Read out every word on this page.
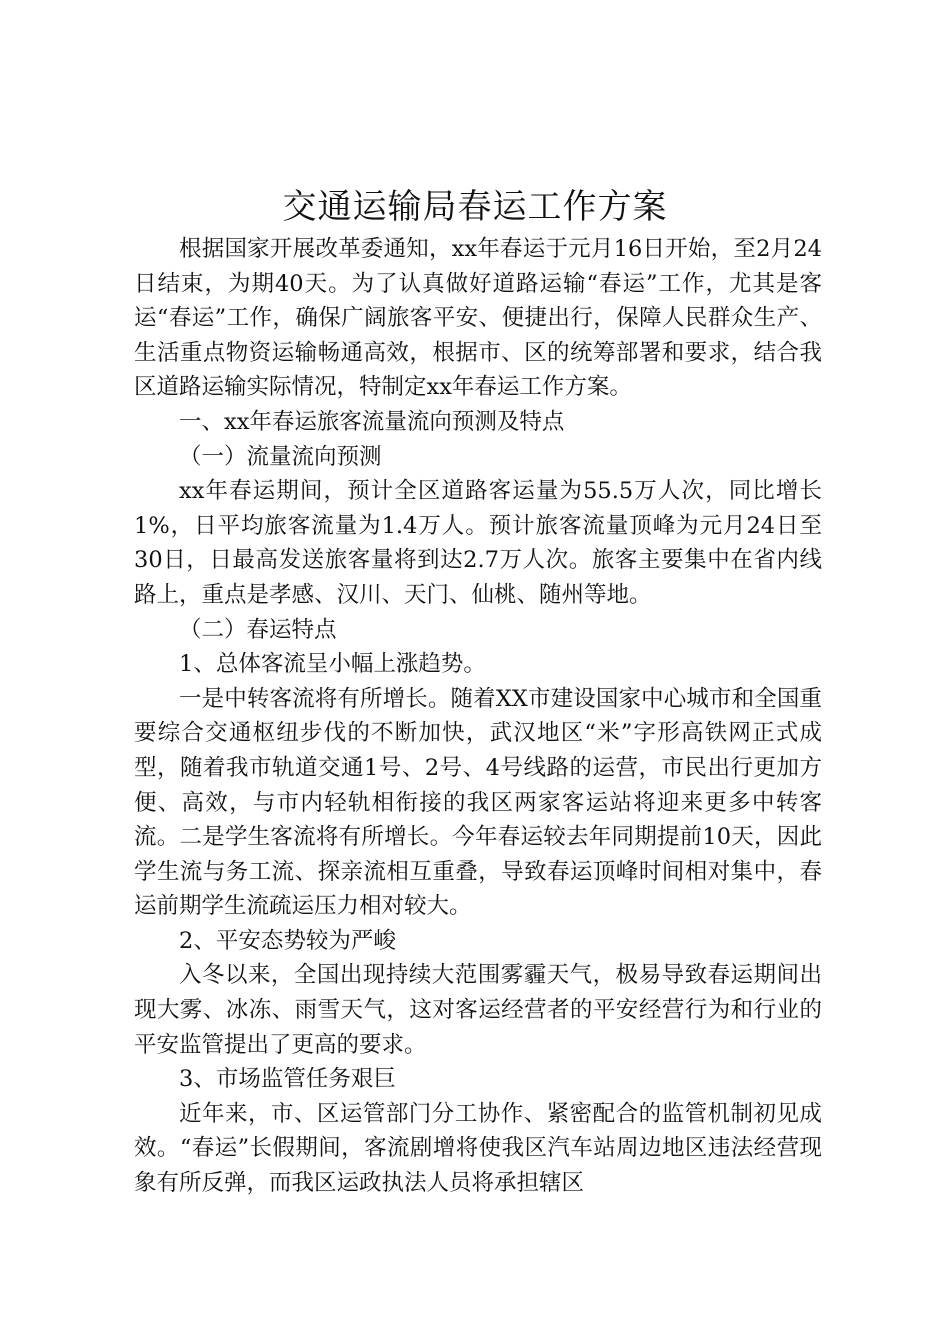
交通运输局春运工作方案

根据国家开展改革委通知，xx年春运于元月16日开始，至2月24日结束，为期40天。为了认真做好道路运输“春运”工作，尤其是客运“春运”工作，确保广阔旅客平安、便捷出行，保障人民群众生产、生活重点物资运输畅通高效，根据市、区的统筹部署和要求，结合我区道路运输实际情况，特制定xx年春运工作方案。

一、xx年春运旅客流量流向预测及特点

（一）流量流向预测

xx年春运期间，预计全区道路客运量为55.5万人次，同比增长1%，日平均旅客流量为1.4万人。预计旅客流量顶峰为元月24日至30日，日最高发送旅客量将到达2.7万人次。旅客主要集中在省内线路上，重点是孝感、汉川、天门、仙桃、随州等地。

（二）春运特点

1、总体客流呈小幅上涨趋势。

一是中转客流将有所增长。随着XX市建设国家中心城市和全国重要综合交通枢纽步伐的不断加快，武汉地区“米”字形高铁网正式成型，随着我市轨道交通1号、2号、4号线路的运营，市民出行更加方便、高效，与市内轻轨相衔接的我区两家客运站将迎来更多中转客流。二是学生客流将有所增长。今年春运较去年同期提前10天，因此学生流与务工流、探亲流相互重叠，导致春运顶峰时间相对集中，春运前期学生流疏运压力相对较大。

2、平安态势较为严峻

入冬以来，全国出现持续大范围雾霾天气，极易导致春运期间出现大雾、冰冻、雨雪天气，这对客运经营者的平安经营行为和行业的平安监管提出了更高的要求。

3、市场监管任务艰巨

近年来，市、区运管部门分工协作、紧密配合的监管机制初见成效。“春运”长假期间，客流剧增将使我区汽车站周边地区违法经营现象有所反弹，而我区运政执法人员将承担辖区
